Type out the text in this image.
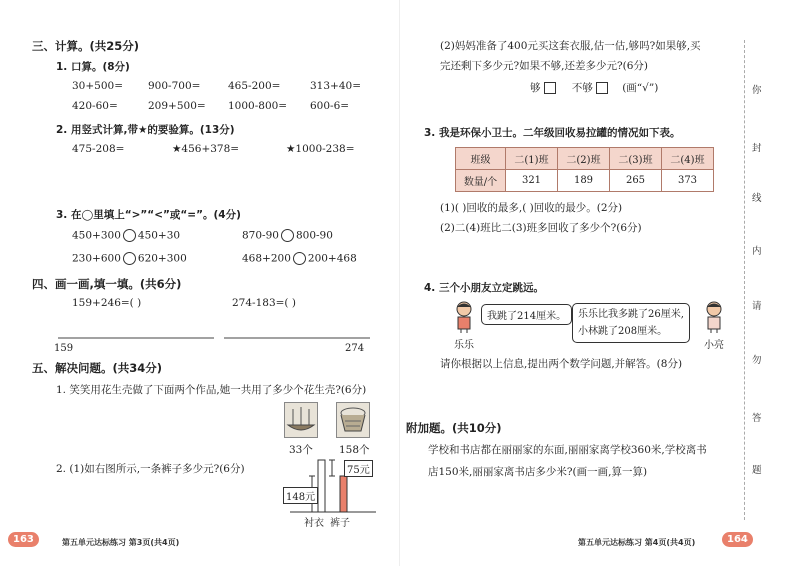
三、计算。(共25分)
1. 口算。(8分)
30+500= 900-700=	465-200=	313+40=
420-60=	209+500= 1000-800= 600-6=
2. 用竖式计算,带★的要验算。(13分)
475-208=	★456+378=	★1000-238=
3. 在◯里填上“>”“<”或“=”。(4分)
450+300 450+30	870-90 800-90
230+600 620+300	468+200 200+468
四、画一画,填一填。(共6分)
159+246=( )	274-183=( )
159	274
五、解决问题。(共34分)
1. 笑笑用花生壳做了下面两个作品,她一共用了多少个花生壳?(6分)
33个 158个
2. (1)如右图所示,一条裤子多少元?(6分)	75元
148元
衬衣 裤子
163	第五单元达标练习 第3页(共4页)
(2)妈妈准备了400元买这套衣服,估一估,够吗?如果够,买
完还剩下多少元?如果不够,还差多少元?(6分)
够	不够	(画“√”)
3. 我是环保小卫士。二年级回收易拉罐的情况如下表。
班级	二(1)班	二(2)班	二(3)班	二(4)班
数量/个	321	189	265	373
(1)( )回收的最多,( )回收的最少。(2分)
(2)二(4)班比二(3)班多回收了多少个?(6分)
4. 三个小朋友立定跳远。
我跳了214厘米。
乐乐
乐乐比我多跳了26厘米,
小林跳了208厘米。
小亮
请你根据以上信息,提出两个数学问题,并解答。(8分)
附加题。(共10分)
学校和书店都在丽丽家的东面,丽丽家离学校360米,学校离书
店150米,丽丽家离书店多少米?(画一画,算一算)
你
封
线
内
请
勿
答
题
第五单元达标练习 第4页(共4页)	164
